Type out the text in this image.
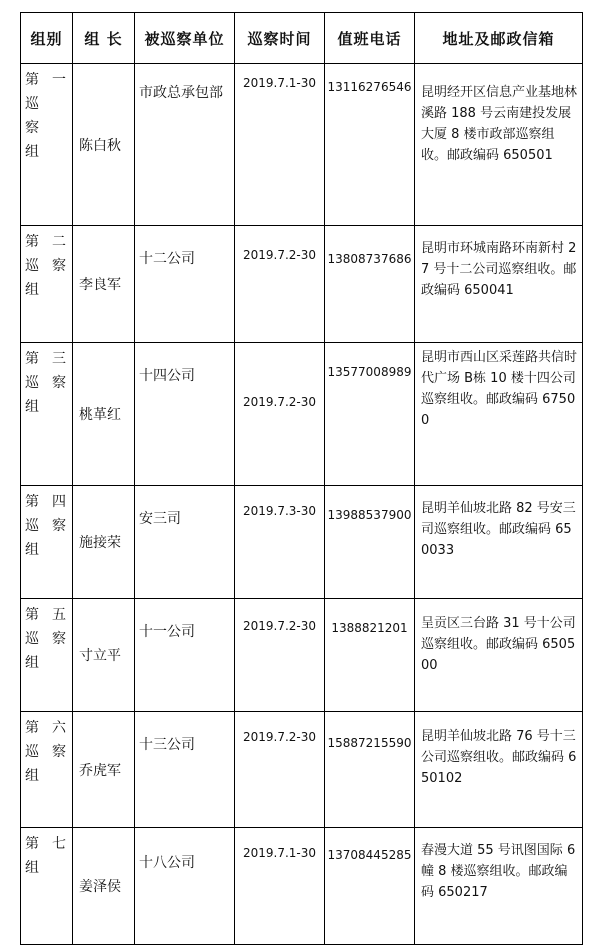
组别	组 长	被巡察单位	巡察时间	值班电话	地址及邮政信箱

第 一
巡
察
组	陈白秋	市政总承包部	2019.7.1-30	13116276546	昆明经开区信息产业基地林溪路 188 号云南建投发展大厦 8 楼市政部巡察组收。邮政编码 650501

第 二
巡 察
组	李良军	十二公司	2019.7.2-30	13808737686	昆明市环城南路环南新村 27 号十二公司巡察组收。邮政编码 650041

第 三
巡 察
组	桃革红	十四公司	2019.7.2-30	13577008989	昆明市西山区采莲路共信时代广场 B栋 10 楼十四公司巡察组收。邮政编码 67500

第 四
巡 察
组	施接荣	安三司	2019.7.3-30	13988537900	昆明羊仙坡北路 82 号安三司巡察组收。邮政编码 650033

第 五
巡 察
组	寸立平	十一公司	2019.7.2-30	1388821201	呈贡区三台路 31 号十公司巡察组收。邮政编码 650500

第 六
巡 察
组	乔虎军	十三公司	2019.7.2-30	15887215590	昆明羊仙坡北路 76 号十三公司巡察组收。邮政编码 650102

第 七
组	姜泽侯	十八公司	2019.7.1-30	13708445285	春漫大道 55 号讯图国际 6 幢 8 楼巡察组收。邮政编码 650217
